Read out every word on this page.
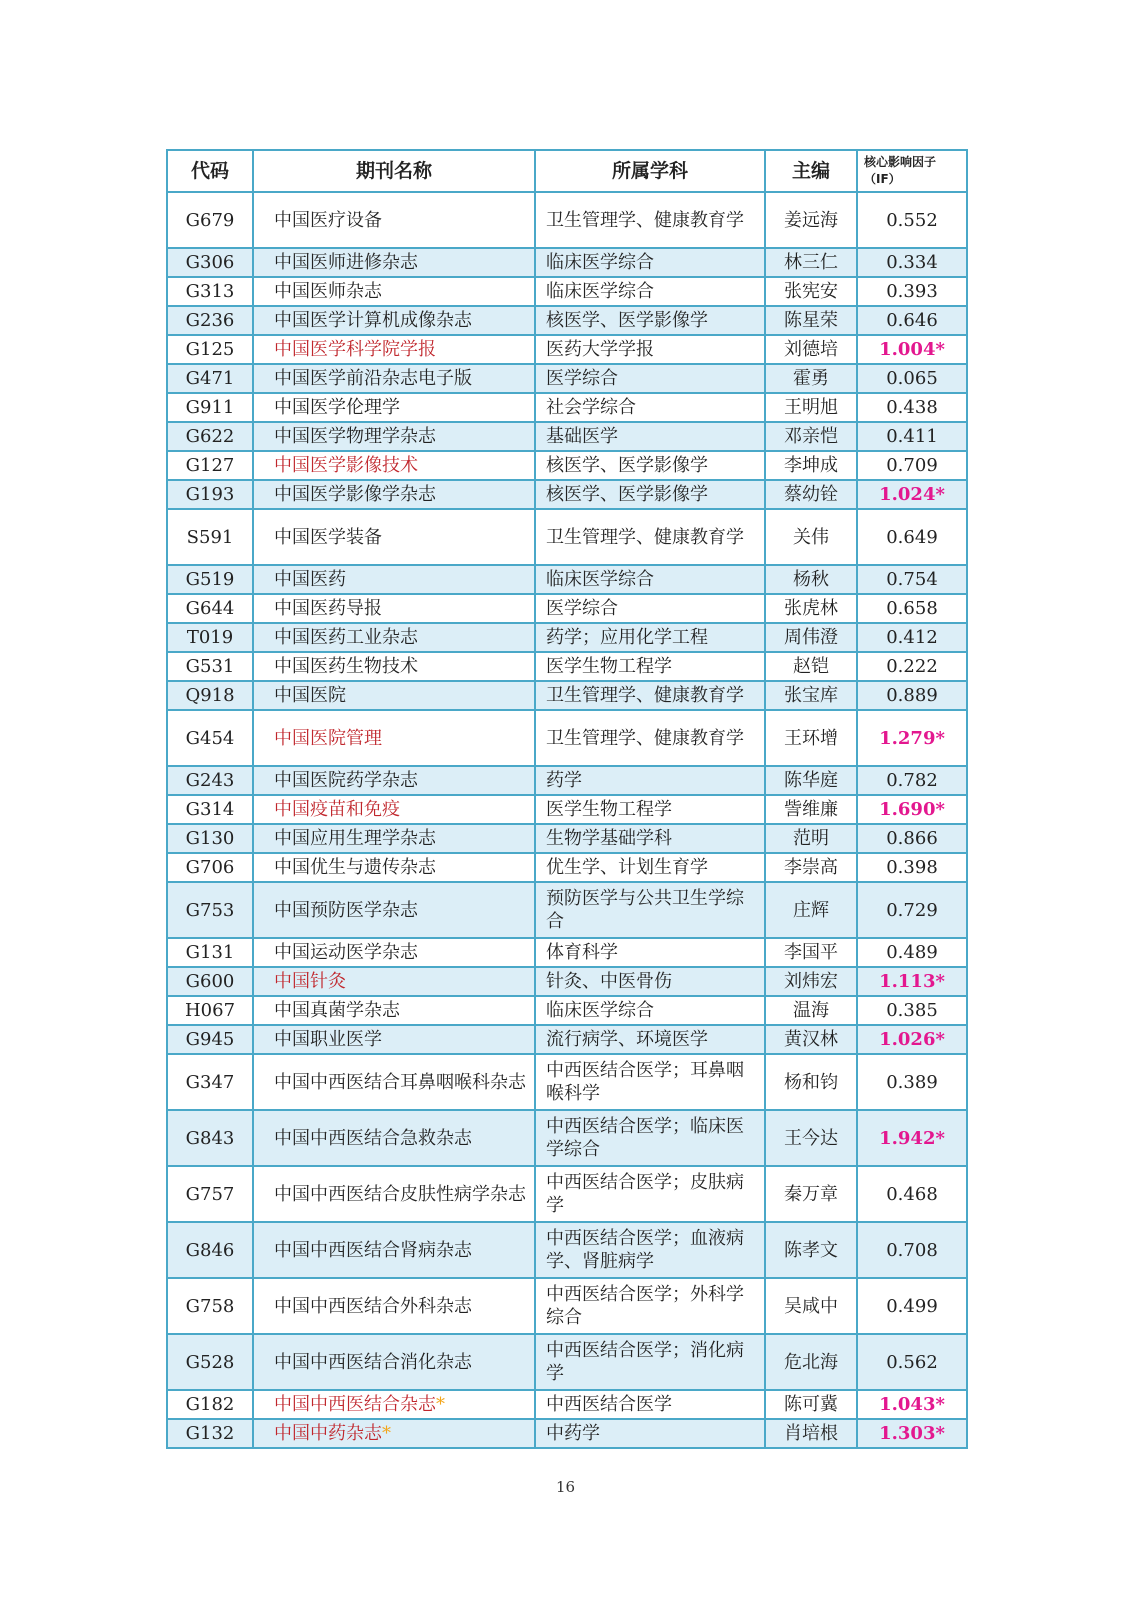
代码	期刊名称	所属学科	主编	核心影响因子（IF）
G679	中国医疗设备	卫生管理学、健康教育学	姜远海	0.552
G306	中国医师进修杂志	临床医学综合	林三仁	0.334
G313	中国医师杂志	临床医学综合	张宪安	0.393
G236	中国医学计算机成像杂志	核医学、医学影像学	陈星荣	0.646
G125	中国医学科学院学报	医药大学学报	刘德培	1.004*
G471	中国医学前沿杂志电子版	医学综合	霍勇	0.065
G911	中国医学伦理学	社会学综合	王明旭	0.438
G622	中国医学物理学杂志	基础医学	邓亲恺	0.411
G127	中国医学影像技术	核医学、医学影像学	李坤成	0.709
G193	中国医学影像学杂志	核医学、医学影像学	蔡幼铨	1.024*
S591	中国医学装备	卫生管理学、健康教育学	关伟	0.649
G519	中国医药	临床医学综合	杨秋	0.754
G644	中国医药导报	医学综合	张虎林	0.658
T019	中国医药工业杂志	药学；应用化学工程	周伟澄	0.412
G531	中国医药生物技术	医学生物工程学	赵铠	0.222
Q918	中国医院	卫生管理学、健康教育学	张宝库	0.889
G454	中国医院管理	卫生管理学、健康教育学	王环增	1.279*
G243	中国医院药学杂志	药学	陈华庭	0.782
G314	中国疫苗和免疫	医学生物工程学	訾维廉	1.690*
G130	中国应用生理学杂志	生物学基础学科	范明	0.866
G706	中国优生与遗传杂志	优生学、计划生育学	李崇高	0.398
G753	中国预防医学杂志	预防医学与公共卫生学综合	庄辉	0.729
G131	中国运动医学杂志	体育科学	李国平	0.489
G600	中国针灸	针灸、中医骨伤	刘炜宏	1.113*
H067	中国真菌学杂志	临床医学综合	温海	0.385
G945	中国职业医学	流行病学、环境医学	黄汉林	1.026*
G347	中国中西医结合耳鼻咽喉科杂志	中西医结合医学；耳鼻咽喉科学	杨和钧	0.389
G843	中国中西医结合急救杂志	中西医结合医学；临床医学综合	王今达	1.942*
G757	中国中西医结合皮肤性病学杂志	中西医结合医学；皮肤病学	秦万章	0.468
G846	中国中西医结合肾病杂志	中西医结合医学；血液病学、肾脏病学	陈孝文	0.708
G758	中国中西医结合外科杂志	中西医结合医学；外科学综合	吴咸中	0.499
G528	中国中西医结合消化杂志	中西医结合医学；消化病学	危北海	0.562
G182	中国中西医结合杂志*	中西医结合医学	陈可冀	1.043*
G132	中国中药杂志*	中药学	肖培根	1.303*
16
